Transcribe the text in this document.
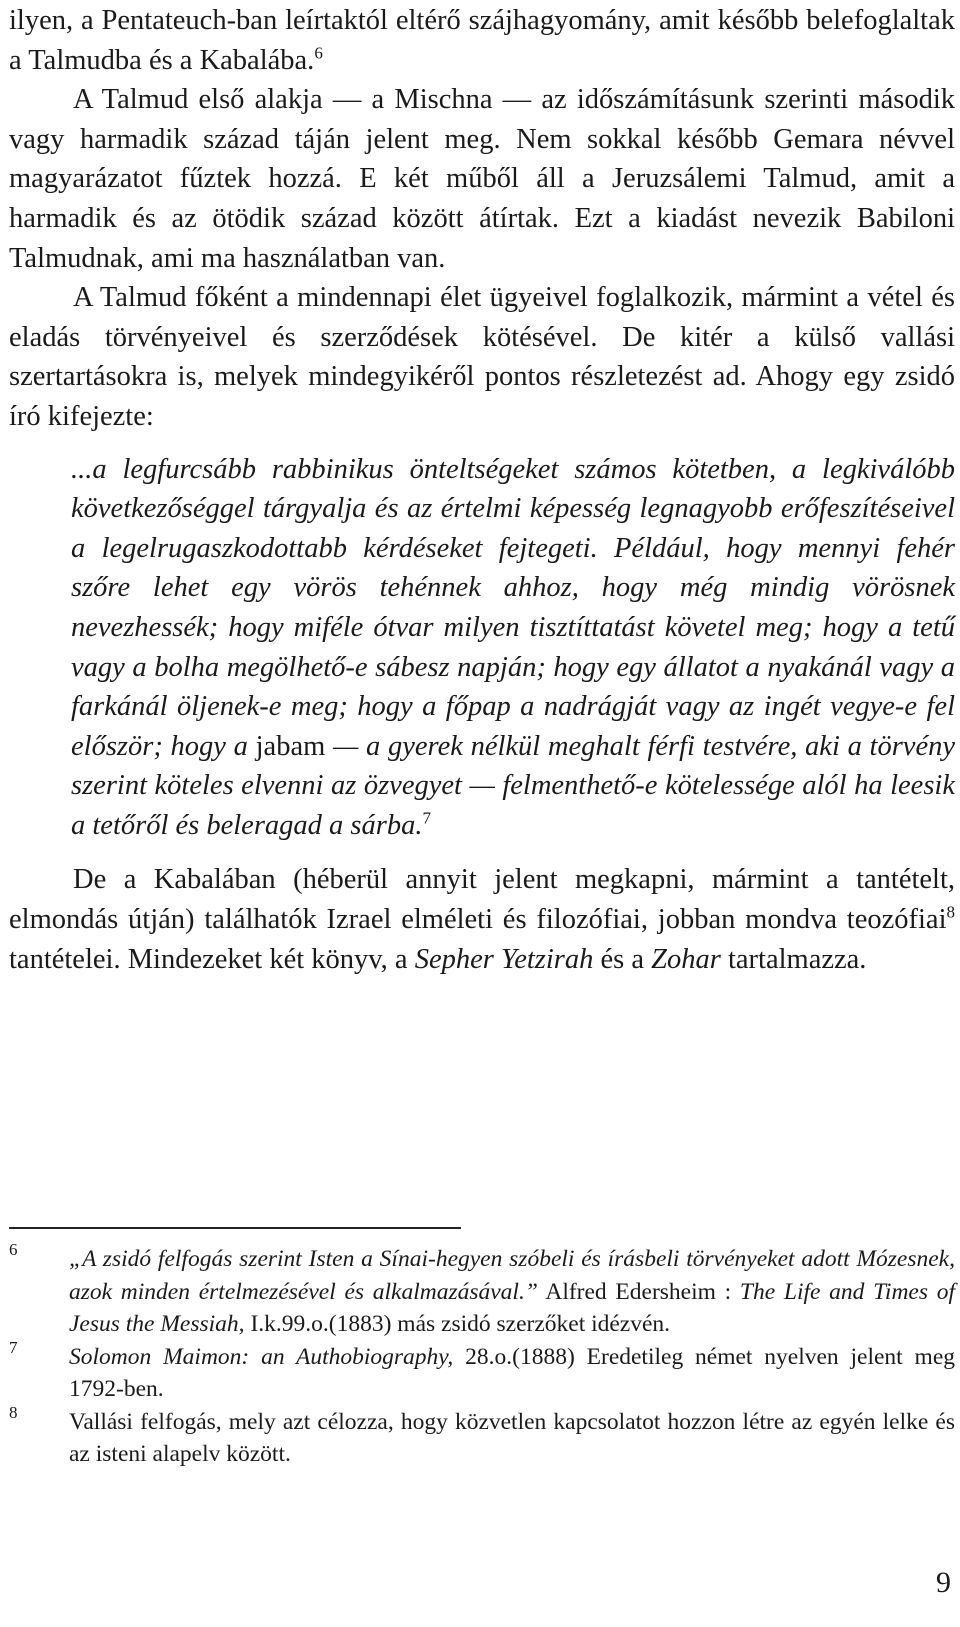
ilyen, a Pentateuch-ban leírtaktól eltérő szájhagyomány, amit később belefoglaltak a Talmudba és a Kabalába.$^6$

A Talmud első alakja — a Mischna — az időszámításunk szerinti második vagy harmadik század táján jelent meg. Nem sokkal később Gemara névvel magyarázatot fűztek hozzá. E két műből áll a Jeruzsálemi Talmud, amit a harmadik és az ötödik század között átírtak. Ezt a kiadást nevezik Babiloni Talmudnak, ami ma használatban van.

A Talmud főként a mindennapi élet ügyeivel foglalkozik, mármint a vétel és eladás törvényeivel és szerződések kötésével. De kitér a külső vallási szertartásokra is, melyek mindegyikéről pontos részletezést ad. Ahogy egy zsidó író kifejezte:

...a legfurcsább rabbinikus önteltségeket számos kötetben, a legkiválóbb következőséggel tárgyalja és az értelmi képesség legnagyobb erőfeszítéseivel a legelrugaszkodottabb kérdéseket fejtegeti. Például, hogy mennyi fehér szőre lehet egy vörös tehénnek ahhoz, hogy még mindig vörösnek nevezhessék; hogy miféle ótvar milyen tisztíttatást követel meg; hogy a tetű vagy a bolha megölhető-e sábesz napján; hogy egy állatot a nyakánál vagy a farkánál öljenek-e meg; hogy a főpap a nadrágját vagy az ingét vegye-e fel először; hogy a jabam — a gyerek nélkül meghalt férfi testvére, aki a törvény szerint köteles elvenni az özvegyet — felmenthető-e kötelessége alól ha leesik a tetőről és beleragad a sárba.$^7$

De a Kabalában (héberül annyit jelent megkapni, mármint a tantételt, elmondás útján) találhatók Izrael elméleti és filozófiai, jobban mondva teozófiai$^8$ tantételei. Mindezeket két könyv, a Sepher Yetzirah és a Zohar tartalmazza.

6 „A zsidó felfogás szerint Isten a Sínai-hegyen szóbeli és írásbeli törvényeket adott Mózesnek, azok minden értelmezésével és alkalmazásával.” Alfred Edersheim : The Life and Times of Jesus the Messiah, I.k.99.o.(1883) más zsidó szerzőket idézvén.

7 Solomon Maimon: an Authobiography, 28.o.(1888) Eredetileg német nyelven jelent meg 1792-ben.

8 Vallási felfogás, mely azt célozza, hogy közvetlen kapcsolatot hozzon létre az egyén lelke és az isteni alapelv között.

9
